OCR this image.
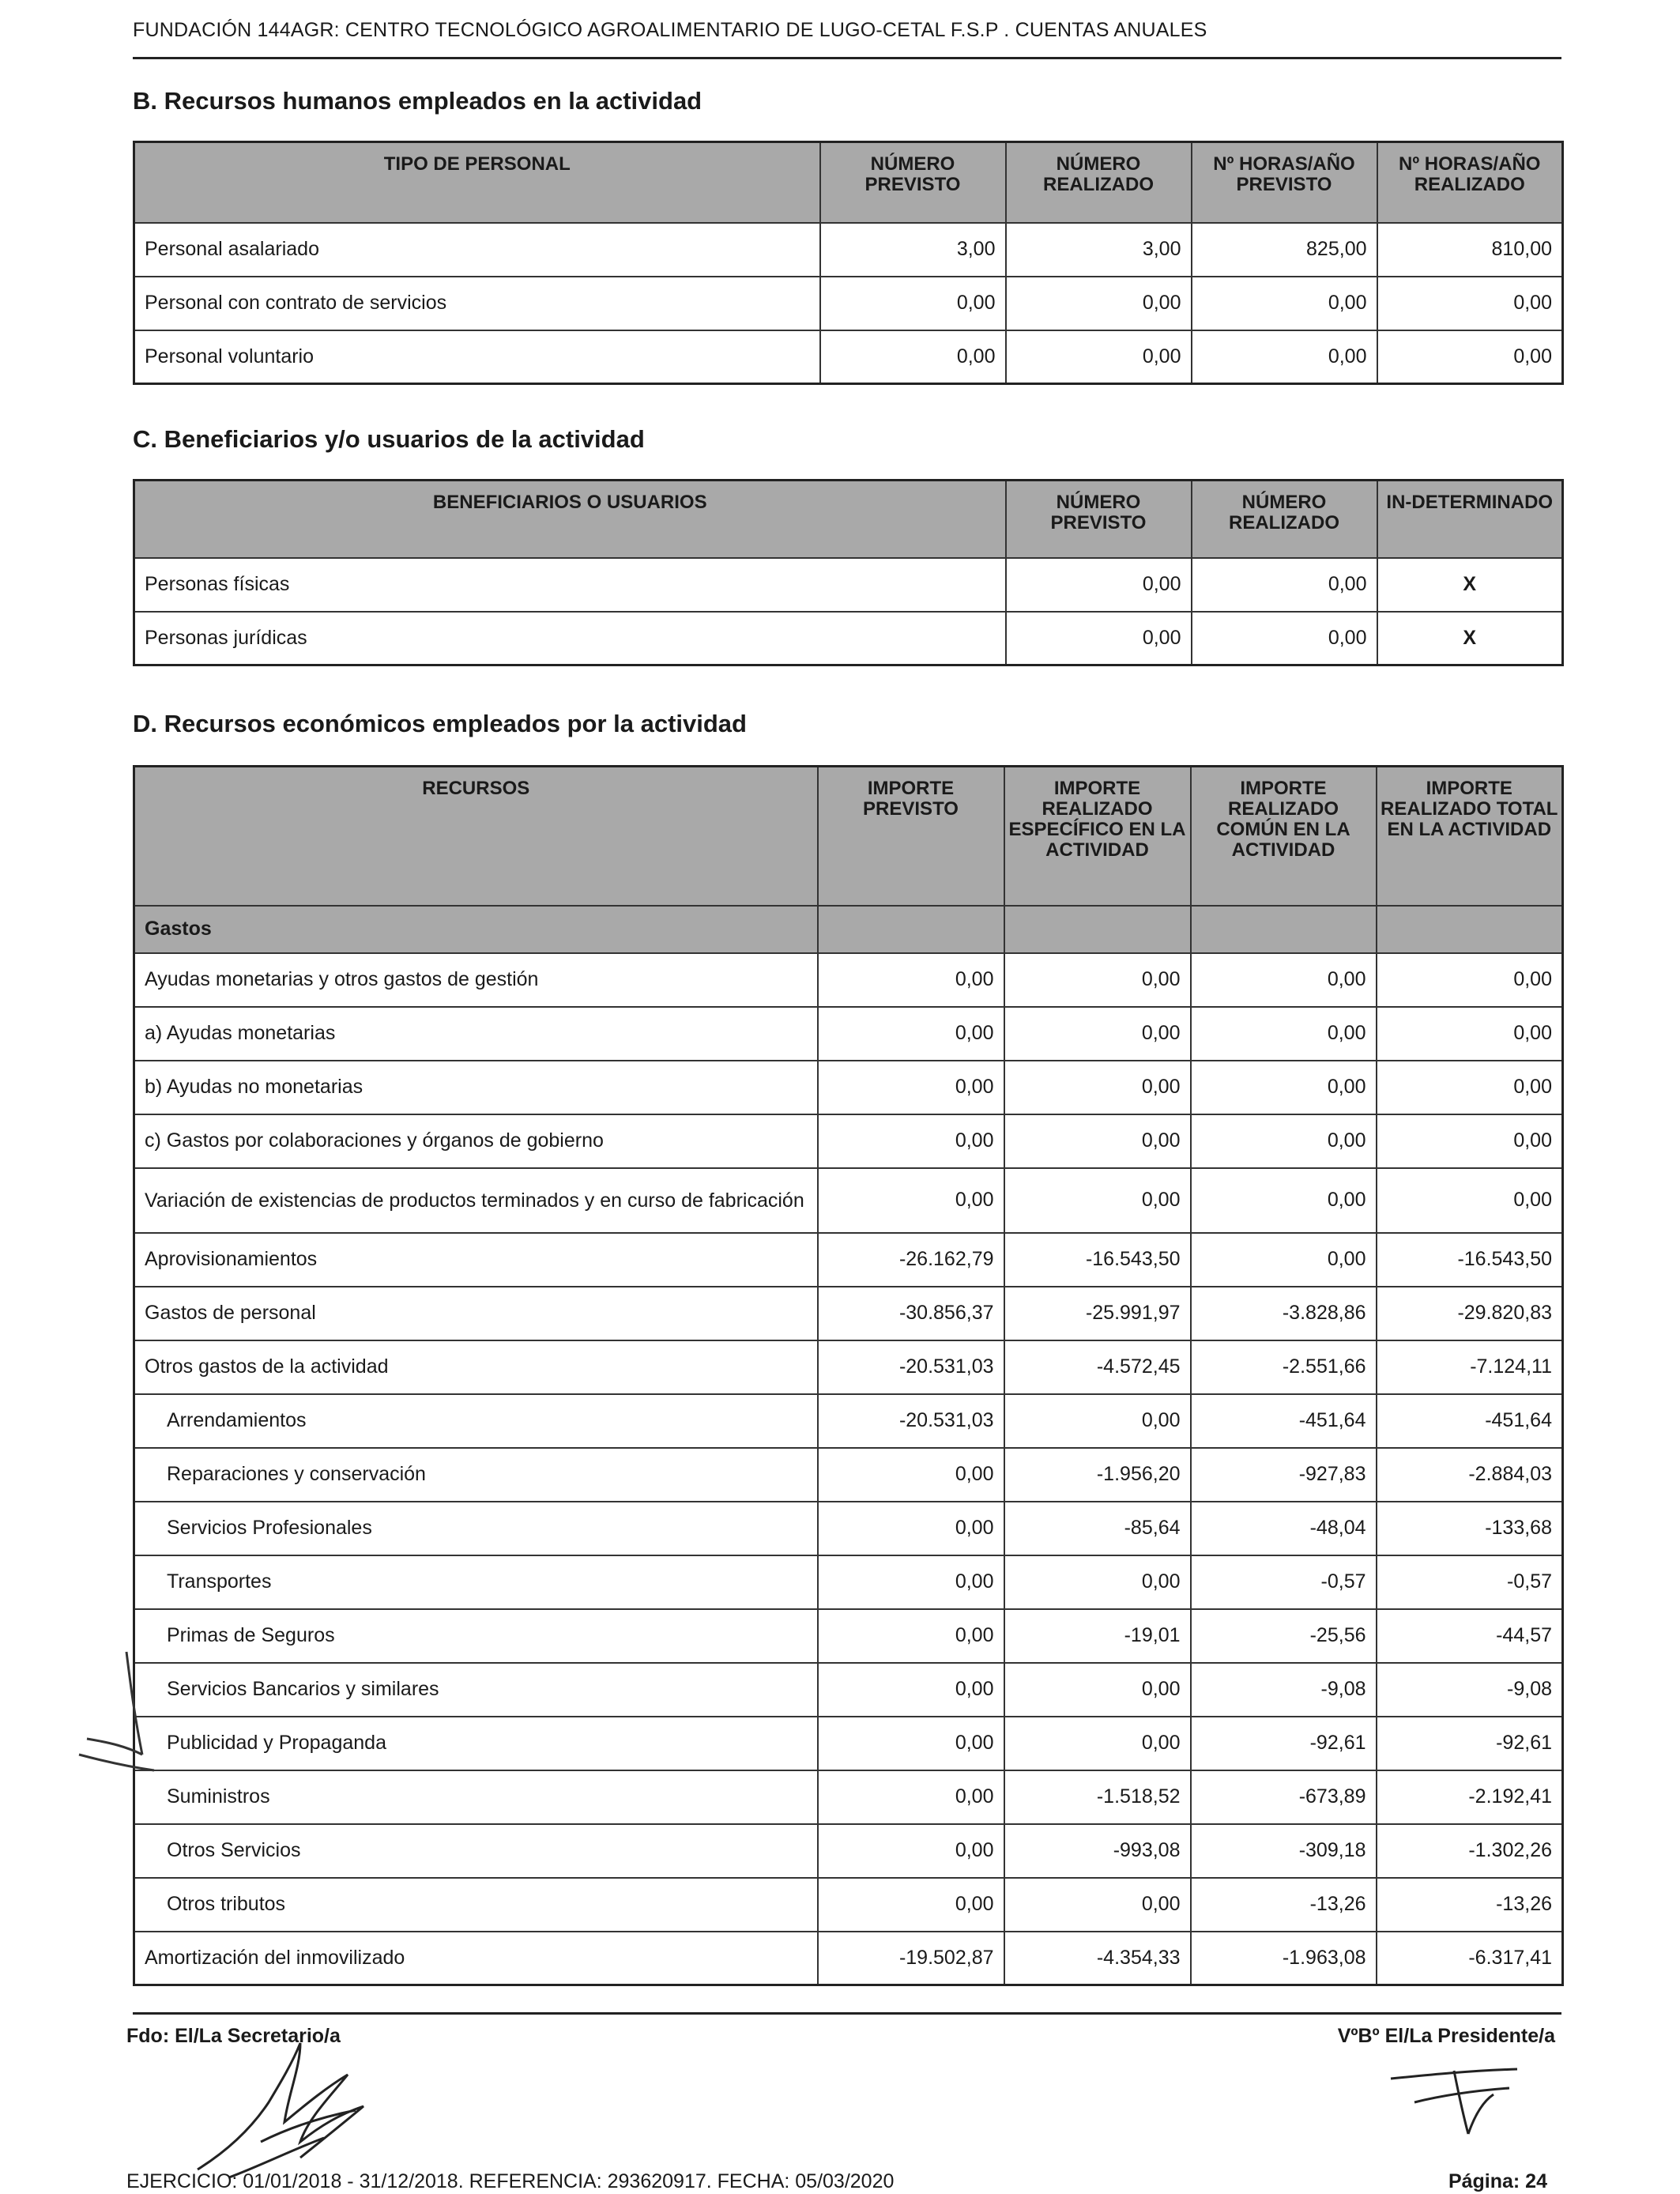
FUNDACIÓN 144AGR: CENTRO TECNOLÓGICO AGROALIMENTARIO DE LUGO-CETAL F.S.P . CUENTAS ANUALES
B. Recursos humanos empleados en la actividad
TIPO DE PERSONAL	NÚMERO PREVISTO	NÚMERO REALIZADO	Nº HORAS/AÑO PREVISTO	Nº HORAS/AÑO REALIZADO
Personal asalariado	3,00	3,00	825,00	810,00
Personal con contrato de servicios	0,00	0,00	0,00	0,00
Personal voluntario	0,00	0,00	0,00	0,00
C. Beneficiarios y/o usuarios de la actividad
BENEFICIARIOS O USUARIOS	NÚMERO PREVISTO	NÚMERO REALIZADO	IN-DETERMINADO
Personas físicas	0,00	0,00	X
Personas jurídicas	0,00	0,00	X
D. Recursos económicos empleados por la actividad
RECURSOS	IMPORTE PREVISTO	IMPORTE REALIZADO ESPECÍFICO EN LA ACTIVIDAD	IMPORTE REALIZADO COMÚN EN LA ACTIVIDAD	IMPORTE REALIZADO TOTAL EN LA ACTIVIDAD
Gastos				
Ayudas monetarias y otros gastos de gestión	0,00	0,00	0,00	0,00
a) Ayudas monetarias	0,00	0,00	0,00	0,00
b) Ayudas no monetarias	0,00	0,00	0,00	0,00
c) Gastos por colaboraciones y órganos de gobierno	0,00	0,00	0,00	0,00
Variación de existencias de productos terminados y en curso de fabricación	0,00	0,00	0,00	0,00
Aprovisionamientos	-26.162,79	-16.543,50	0,00	-16.543,50
Gastos de personal	-30.856,37	-25.991,97	-3.828,86	-29.820,83
Otros gastos de la actividad	-20.531,03	-4.572,45	-2.551,66	-7.124,11
Arrendamientos	-20.531,03	0,00	-451,64	-451,64
Reparaciones y conservación	0,00	-1.956,20	-927,83	-2.884,03
Servicios Profesionales	0,00	-85,64	-48,04	-133,68
Transportes	0,00	0,00	-0,57	-0,57
Primas de Seguros	0,00	-19,01	-25,56	-44,57
Servicios Bancarios y similares	0,00	0,00	-9,08	-9,08
Publicidad y Propaganda	0,00	0,00	-92,61	-92,61
Suministros	0,00	-1.518,52	-673,89	-2.192,41
Otros Servicios	0,00	-993,08	-309,18	-1.302,26
Otros tributos	0,00	0,00	-13,26	-13,26
Amortización del inmovilizado	-19.502,87	-4.354,33	-1.963,08	-6.317,41
Fdo: El/La Secretario/a	VºBº El/La Presidente/a
EJERCICIO: 01/01/2018 - 31/12/2018. REFERENCIA: 293620917. FECHA: 05/03/2020	Página: 24
